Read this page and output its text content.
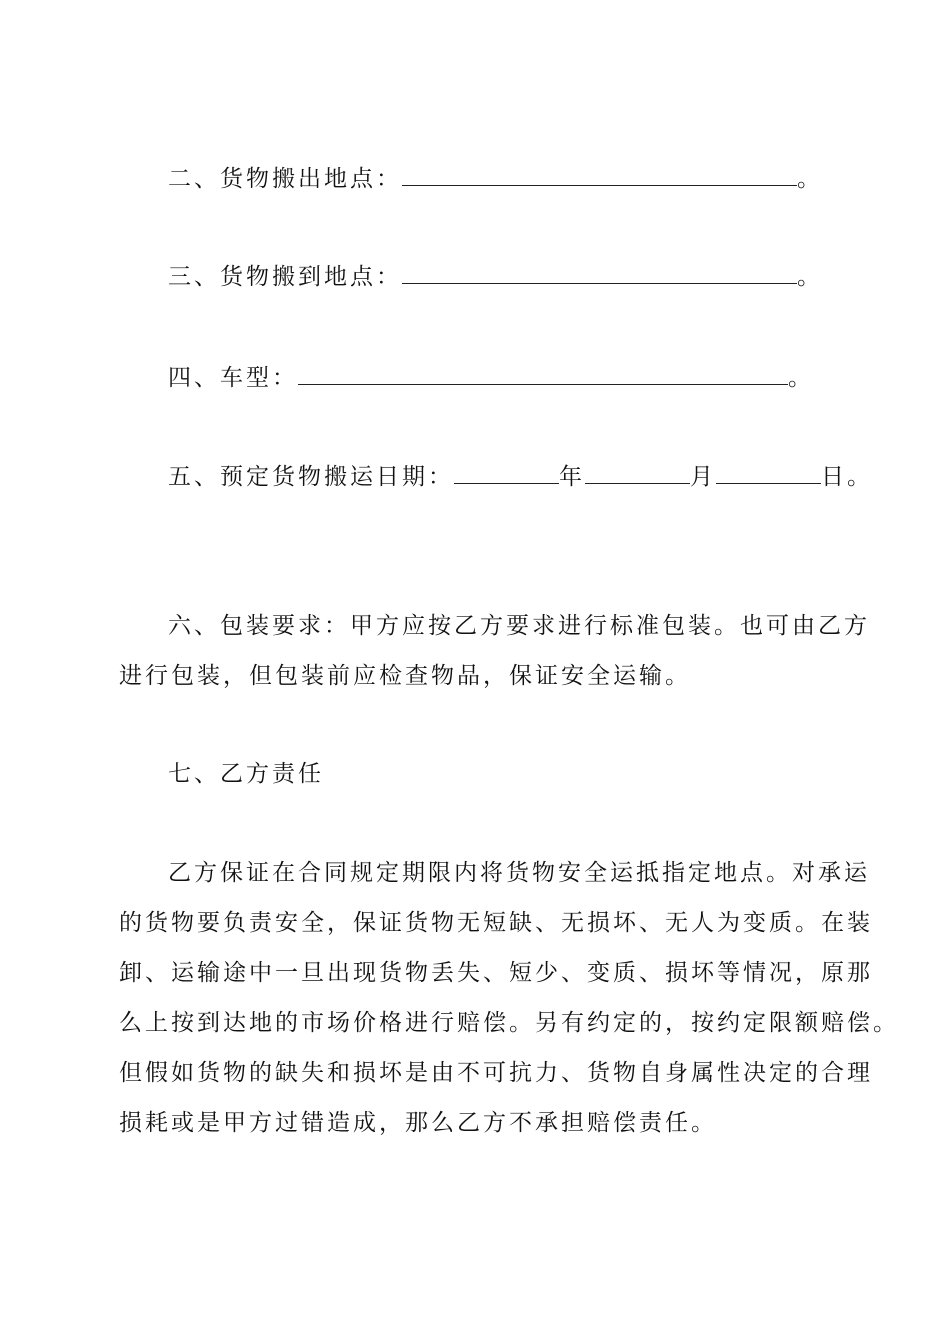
二、货物搬出地点：	。
三、货物搬到地点：	。
四、车型：	。
五、预定货物搬运日期：	年	月	日。
六、包装要求：甲方应按乙方要求进行标准包装。也可由乙方
进行包装，但包装前应检查物品，保证安全运输。
七、乙方责任
乙方保证在合同规定期限内将货物安全运抵指定地点。对承运
的货物要负责安全，保证货物无短缺、无损坏、无人为变质。在装
卸、运输途中一旦出现货物丢失、短少、变质、损坏等情况，原那
么上按到达地的市场价格进行赔偿。另有约定的，按约定限额赔偿。
但假如货物的缺失和损坏是由不可抗力、货物自身属性决定的合理
损耗或是甲方过错造成，那么乙方不承担赔偿责任。
